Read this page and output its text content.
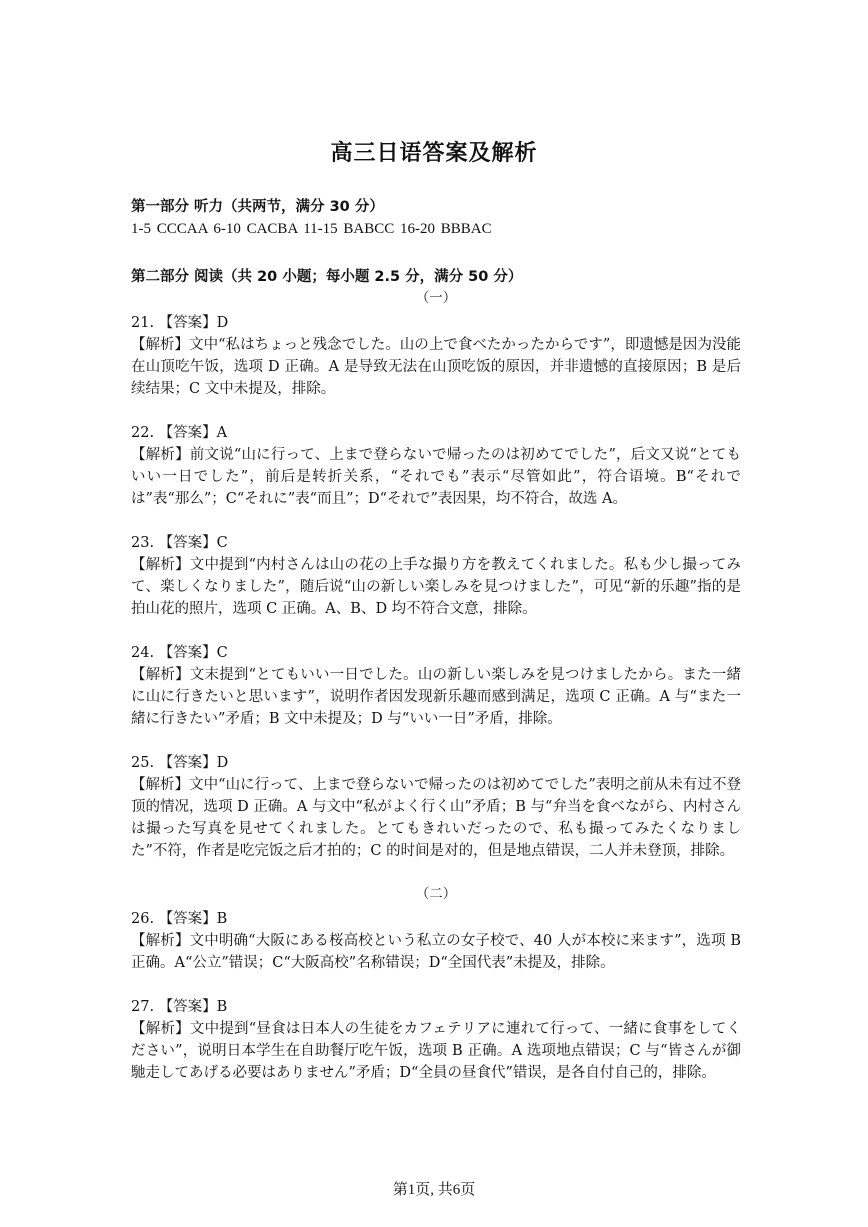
高三日语答案及解析
第一部分 听力（共两节，满分 30 分）
1-5 CCCAA 6-10 CACBA 11-15 BABCC 16-20 BBBAC
第二部分 阅读（共 20 小题；每小题 2.5 分，满分 50 分）
（一）
21. 【答案】D
【解析】文中“私はちょっと残念でした。山の上で食べたかったからです”，即遗憾是因为没能在山顶吃午饭，选项 D 正确。A 是导致无法在山顶吃饭的原因，并非遗憾的直接原因；B 是后续结果；C 文中未提及，排除。
22. 【答案】A
【解析】前文说“山に行って、上まで登らないで帰ったのは初めてでした”，后文又说“とてもいい一日でした”，前后是转折关系，“それでも”表示“尽管如此”，符合语境。B“それでは”表“那么”；C“それに”表“而且”；D“それで”表因果，均不符合，故选 A。
23. 【答案】C
【解析】文中提到“内村さんは山の花の上手な撮り方を教えてくれました。私も少し撮ってみて、楽しくなりました”，随后说“山の新しい楽しみを見つけました”，可见“新的乐趣”指的是拍山花的照片，选项 C 正确。A、B、D 均不符合文意，排除。
24. 【答案】C
【解析】文末提到“とてもいい一日でした。山の新しい楽しみを見つけましたから。また一緒に山に行きたいと思います”，说明作者因发现新乐趣而感到满足，选项 C 正确。A 与“また一緒に行きたい”矛盾；B 文中未提及；D 与“いい一日”矛盾，排除。
25. 【答案】D
【解析】文中“山に行って、上まで登らないで帰ったのは初めてでした”表明之前从未有过不登顶的情况，选项 D 正确。A 与文中“私がよく行く山”矛盾；B 与“弁当を食べながら、内村さんは撮った写真を見せてくれました。とてもきれいだったので、私も撮ってみたくなりました”不符，作者是吃完饭之后才拍的；C 的时间是对的，但是地点错误，二人并未登顶，排除。
（二）
26. 【答案】B
【解析】文中明确“大阪にある桜高校という私立の女子校で、40 人が本校に来ます”，选项 B 正确。A“公立”错误；C“大阪高校”名称错误；D“全国代表”未提及，排除。
27. 【答案】B
【解析】文中提到“昼食は日本人の生徒をカフェテリアに連れて行って、一緒に食事をしてください”，说明日本学生在自助餐厅吃午饭，选项 B 正确。A 选项地点错误；C 与“皆さんが御馳走してあげる必要はありません”矛盾；D“全員の昼食代”错误，是各自付自己的，排除。
第1页, 共6页
